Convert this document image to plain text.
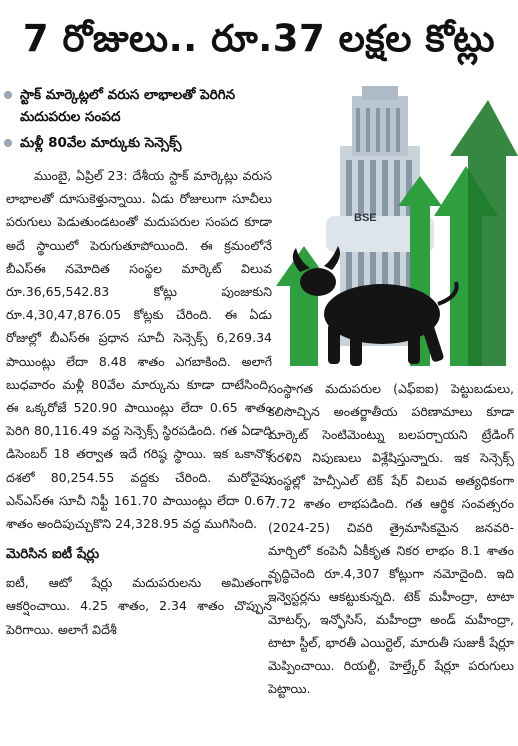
7 రోజులు.. రూ.37 లక్షల కోట్లు
స్టాక్ మార్కెట్లలో వరుస లాభాలతో పెరిగిన మదుపరుల సంపద
మళ్లీ 80వేల మార్కుకు సెన్సెక్స్
BSE

ముంబై, ఏప్రిల్ 23: దేశీయ స్టాక్ మార్కెట్లు వరుస లాభాలతో దూసుకెళ్తున్నాయి. ఏడు రోజులుగా సూచీలు పరుగులు పెడుతుండటంతో మదుపరుల సంపద కూడా అదే స్థాయిలో పెరుగుతూపోయింది. ఈ క్రమంలోనే బీఎస్ఈ నమోదిత సంస్థల మార్కెట్ విలువ రూ.36,65,542.83 కోట్లు పుంజుకుని రూ.4,30,47,876.05 కోట్లకు చేరింది. ఈ ఏడు రోజుల్లో బీఎస్ఈ ప్రధాన సూచీ సెన్సెక్స్ 6,269.34 పాయింట్లు లేదా 8.48 శాతం ఎగబాకింది. అలాగే బుధవారం మళ్లీ 80వేల మార్కును కూడా దాటేసింది. ఈ ఒక్కరోజే 520.90 పాయింట్లు లేదా 0.65 శాతం పెరిగి 80,116.49 వద్ద సెన్సెక్స్ స్థిరపడింది. గత ఏడాది డిసెంబర్ 18 తర్వాత ఇదే గరిష్ఠ స్థాయి. ఇక ఒకానొక దశలో 80,254.55 వద్దకు చేరింది. మరోవైపు ఎన్ఎస్ఈ సూచీ నిఫ్టీ 161.70 పాయింట్లు లేదా 0.67 శాతం అందిపుచ్చుకొని 24,328.95 వద్ద ముగిసింది.

మెరిసిన ఐటీ షేర్లు

ఐటీ, ఆటో షేర్లు మదుపరులను అమితంగా ఆకర్షించాయి. 4.25 శాతం, 2.34 శాతం చొప్పున పెరిగాయి. అలాగే విదేశీ

సంస్థాగత మదుపరుల (ఎఫ్ఐఐ) పెట్టుబడులు, కలిసొచ్చిన అంతర్జాతీయ పరిణామాలు కూడా మార్కెట్ సెంటిమెంట్ను బలపర్చాయని ట్రేడింగ్ సరళిని నిపుణులు విశ్లేషిస్తున్నారు. ఇక సెన్సెక్స్ సంస్థల్లో హెచ్సీఎల్ టెక్ షేర్ విలువ అత్యధికంగా 7.72 శాతం లాభపడింది. గత ఆర్థిక సంవత్సరం (2024-25) చివరి త్రైమాసికమైన జనవరి-మార్చిలో కంపెనీ ఏకీకృత నికర లాభం 8.1 శాతం వృద్ధిచెంది రూ.4,307 కోట్లుగా నమోదైంది. ఇది ఇన్వెస్టర్లను ఆకట్టుకున్నది. టెక్ మహీంద్రా, టాటా మోటర్స్, ఇన్ఫోసిస్, మహీంద్రా అండ్ మహీంద్రా, టాటా స్టీల్, భారతీ ఎయిర్టెల్, మారుతీ సుజుకీ షేర్లూ మెప్పించాయి. రియల్టీ, హెల్త్కేర్ షేర్లూ పరుగులు పెట్టాయి.
